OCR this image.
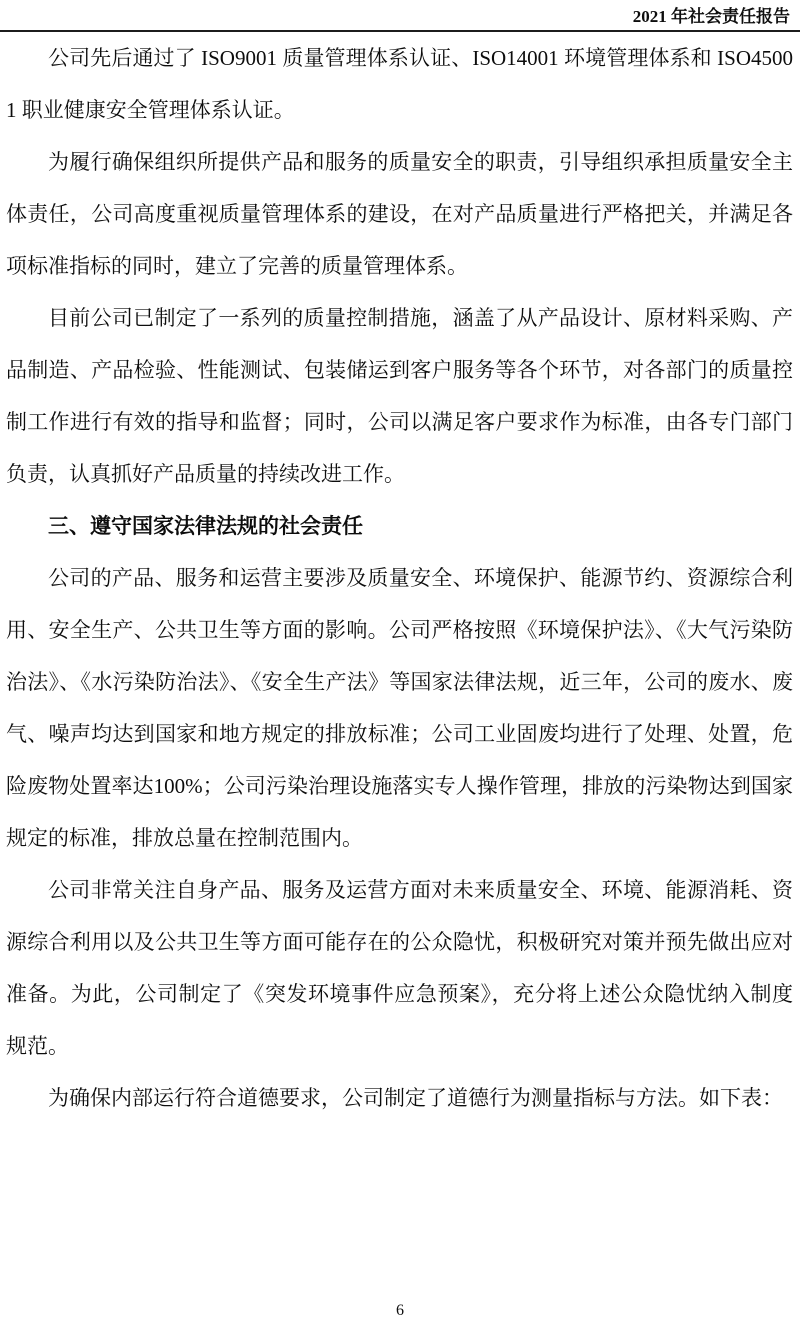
2021 年社会责任报告

公司先后通过了 ISO9001 质量管理体系认证、ISO14001 环境管理体系和 ISO45001 职业健康安全管理体系认证。

为履行确保组织所提供产品和服务的质量安全的职责，引导组织承担质量安全主体责任，公司高度重视质量管理体系的建设，在对产品质量进行严格把关，并满足各项标准指标的同时，建立了完善的质量管理体系。

目前公司已制定了一系列的质量控制措施，涵盖了从产品设计、原材料采购、产品制造、产品检验、性能测试、包装储运到客户服务等各个环节，对各部门的质量控制工作进行有效的指导和监督；同时，公司以满足客户要求作为标准，由各专门部门负责，认真抓好产品质量的持续改进工作。

三、遵守国家法律法规的社会责任

公司的产品、服务和运营主要涉及质量安全、环境保护、能源节约、资源综合利用、安全生产、公共卫生等方面的影响。公司严格按照《环境保护法》、《大气污染防治法》、《水污染防治法》、《安全生产法》等国家法律法规，近三年，公司的废水、废气、噪声均达到国家和地方规定的排放标准；公司工业固废均进行了处理、处置，危险废物处置率达100%；公司污染治理设施落实专人操作管理，排放的污染物达到国家规定的标准，排放总量在控制范围内。

公司非常关注自身产品、服务及运营方面对未来质量安全、环境、能源消耗、资源综合利用以及公共卫生等方面可能存在的公众隐忧，积极研究对策并预先做出应对准备。为此，公司制定了《突发环境事件应急预案》，充分将上述公众隐忧纳入制度规范。

为确保内部运行符合道德要求，公司制定了道德行为测量指标与方法。如下表：

6
